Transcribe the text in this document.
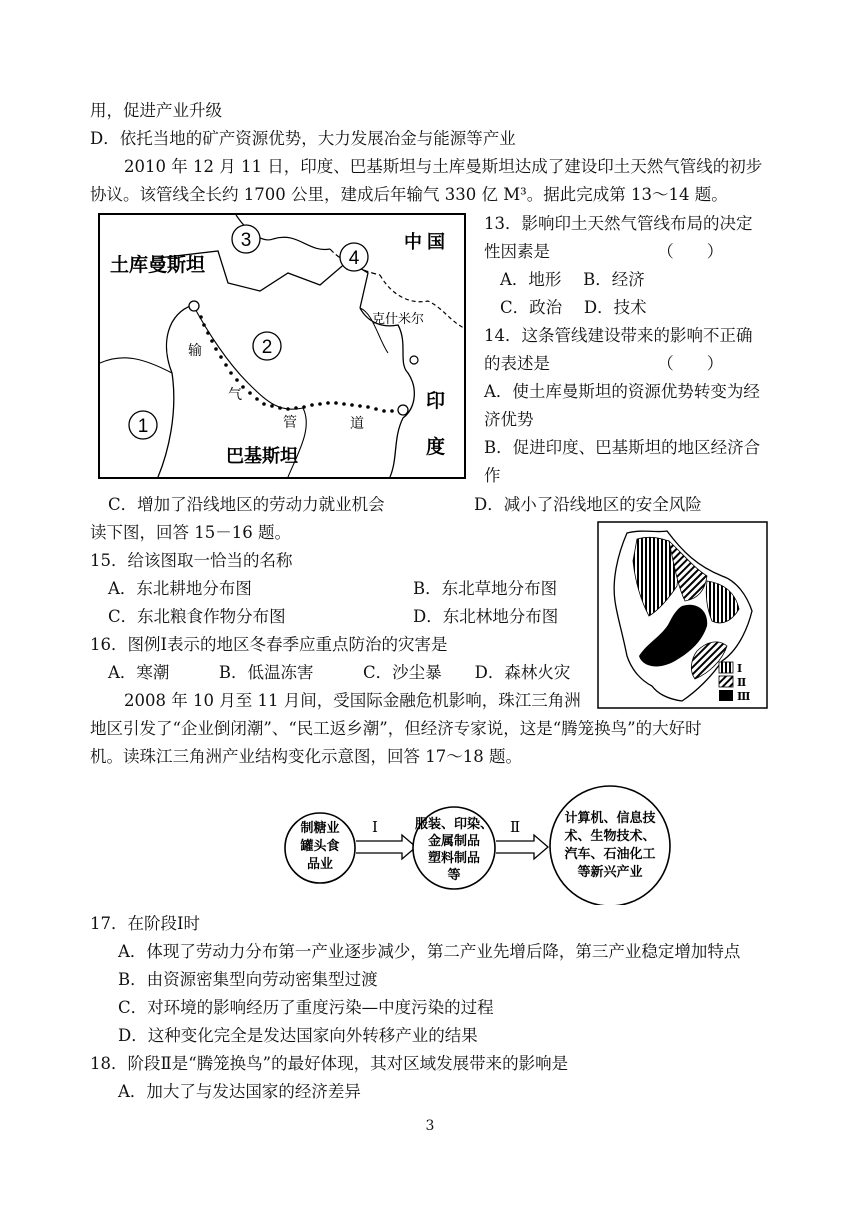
用，促进产业升级
D．依托当地的矿产资源优势，大力发展冶金与能源等产业
2010 年 12 月 11 日，印度、巴基斯坦与土库曼斯坦达成了建设印土天然气管线的初步
协议。该管线全长约 1700 公里，建成后年输气 330 亿 M³。据此完成第 13～14 题。
13．影响印土天然气管线布局的决定
性因素是　　　　　　　（　　）
A．地形　 B．经济
C．政治　 D．技术
14．这条管线建设带来的影响不正确
的表述是　　　　　　　（　　）
A．使土库曼斯坦的资源优势转变为经
济优势
B．促进印度、巴基斯坦的地区经济合
作
C．增加了沿线地区的劳动力就业机会	D．减小了沿线地区的安全风险
读下图，回答 15－16 题。
15．给该图取一恰当的名称
A．东北耕地分布图	B．东北草地分布图
C．东北粮食作物分布图	D．东北林地分布图
16．图例Ⅰ表示的地区冬春季应重点防治的灾害是
A．寒潮　　　B．低温冻害　　　C．沙尘暴　　D．森林火灾
2008 年 10 月至 11 月间，受国际金融危机影响，珠江三角洲
地区引发了“企业倒闭潮”、“民工返乡潮”，但经济专家说，这是“腾笼换鸟”的大好时
机。读珠江三角洲产业结构变化示意图，回答 17～18 题。
17．在阶段Ⅰ时
A．体现了劳动力分布第一产业逐步减少，第二产业先增后降，第三产业稳定增加特点
B．由资源密集型向劳动密集型过渡
C．对环境的影响经历了重度污染—中度污染的过程
D．这种变化完全是发达国家向外转移产业的结果
18．阶段Ⅱ是“腾笼换鸟”的最好体现，其对区域发展带来的影响是
A．加大了与发达国家的经济差异
3
3
4
2
1
土库曼斯坦
中 国
克什米尔
巴基斯坦
印
度
输
气
管	道
Ⅰ
Ⅱ
Ⅲ
制糖业
罐头食
品业
Ⅰ	服装、印染、
金属制品
塑料制品
等
Ⅱ
计算机、信息技
术、生物技术、
汽车、石油化工
等新兴产业
